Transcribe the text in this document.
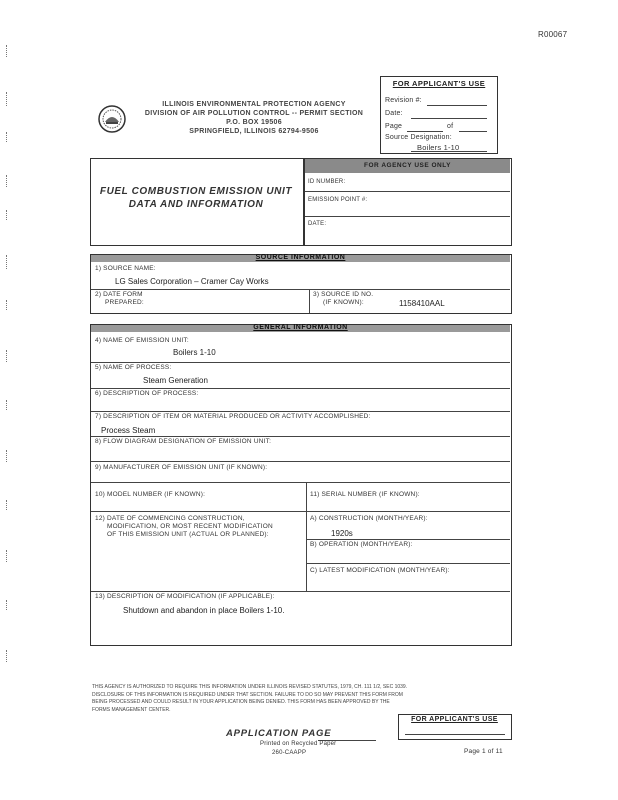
R00067
ILLINOIS ENVIRONMENTAL PROTECTION AGENCY
DIVISION OF AIR POLLUTION CONTROL -- PERMIT SECTION
P.O. BOX 19506
SPRINGFIELD, ILLINOIS 62794-9506
FOR APPLICANT'S USE
Revision #:
Date:
Page	of
Source Designation:
Boilers 1-10
FUEL COMBUSTION EMISSION UNIT
DATA AND INFORMATION
FOR AGENCY USE ONLY
ID NUMBER:
EMISSION POINT #:
DATE:
SOURCE INFORMATION
1) SOURCE NAME:
LG Sales Corporation – Cramer Cay Works
2) DATE FORM
PREPARED:
3) SOURCE ID NO.
(IF KNOWN):	1158410AAL
GENERAL INFORMATION
4) NAME OF EMISSION UNIT:
Boilers 1-10
5) NAME OF PROCESS:
Steam Generation
6) DESCRIPTION OF PROCESS:
7) DESCRIPTION OF ITEM OR MATERIAL PRODUCED OR ACTIVITY ACCOMPLISHED:
Process Steam
8) FLOW DIAGRAM DESIGNATION OF EMISSION UNIT:
9) MANUFACTURER OF EMISSION UNIT (IF KNOWN):
10) MODEL NUMBER (IF KNOWN):	11) SERIAL NUMBER (IF KNOWN):
12) DATE OF COMMENCING CONSTRUCTION,
MODIFICATION, OR MOST RECENT MODIFICATION
OF THIS EMISSION UNIT (ACTUAL OR PLANNED):
A) CONSTRUCTION (MONTH/YEAR):
1920s
B) OPERATION (MONTH/YEAR):
C) LATEST MODIFICATION (MONTH/YEAR):
13) DESCRIPTION OF MODIFICATION (IF APPLICABLE):
Shutdown and abandon in place Boilers 1-10.
THIS AGENCY IS AUTHORIZED TO REQUIRE THIS INFORMATION UNDER ILLINOIS REVISED STATUTES, 1979, CH. 111 1/2, SEC 1039.
DISCLOSURE OF THIS INFORMATION IS REQUIRED UNDER THAT SECTION. FAILURE TO DO SO MAY PREVENT THIS FORM FROM
BEING PROCESSED AND COULD RESULT IN YOUR APPLICATION BEING DENIED. THIS FORM HAS BEEN APPROVED BY THE
FORMS MANAGEMENT CENTER.
FOR APPLICANT'S USE
APPLICATION PAGE
Printed on Recycled Paper
260-CAAPP	Page 1 of 11
